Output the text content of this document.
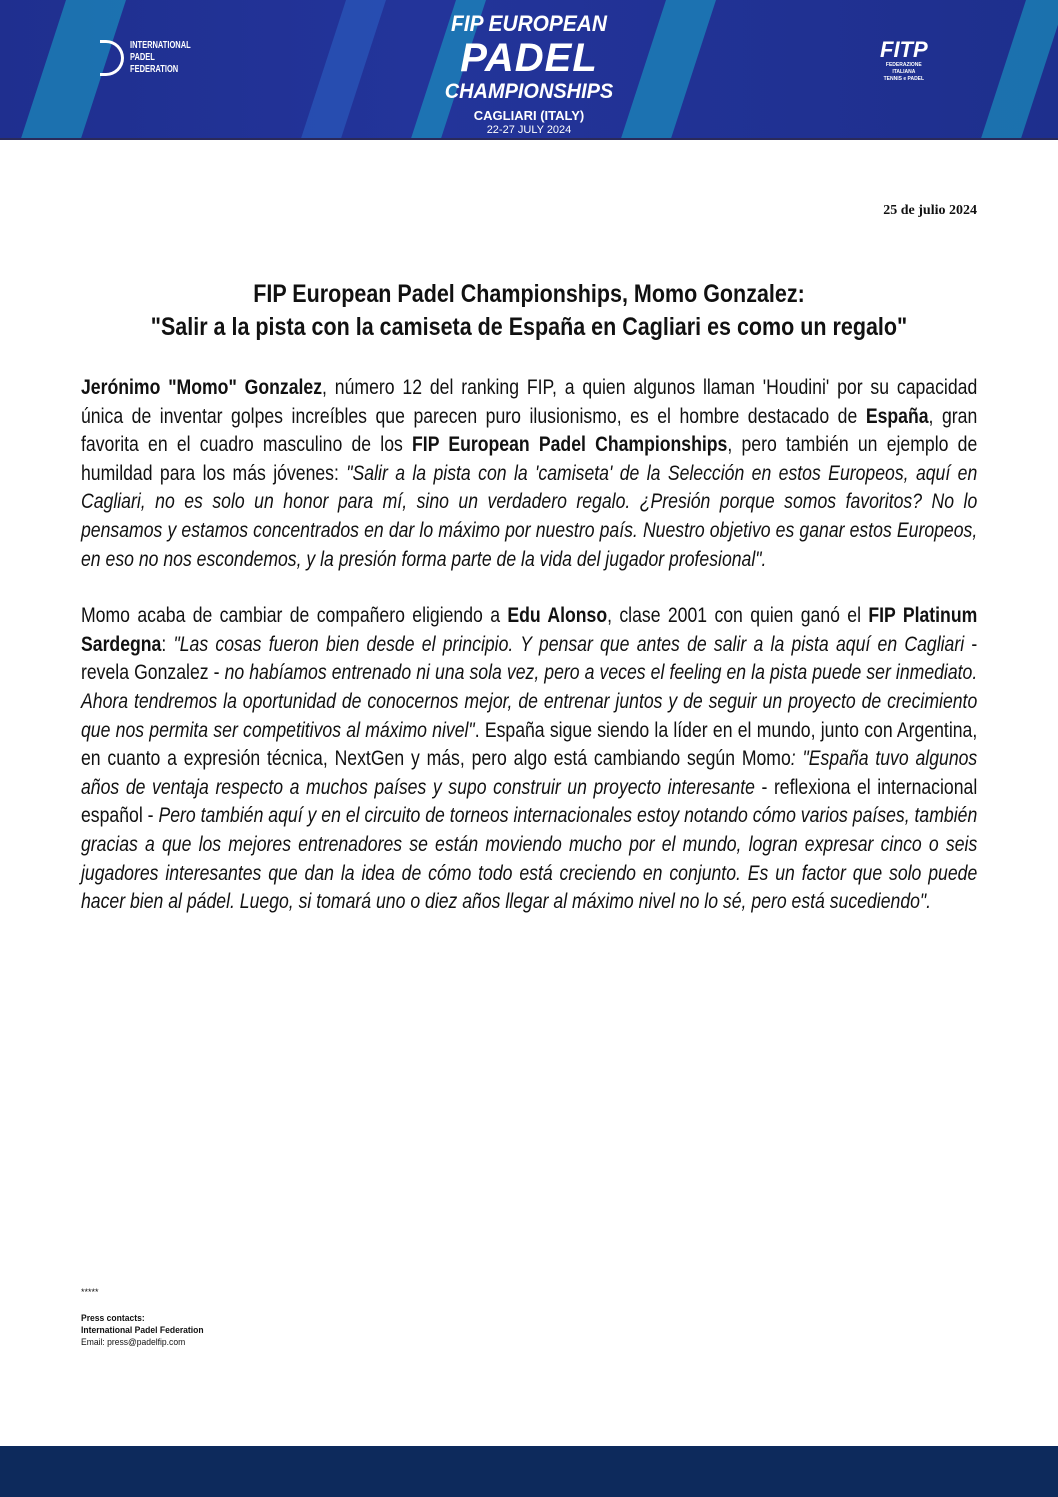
INTERNATIONAL
PADEL
FEDERATION
FIP EUROPEAN
PADEL
CHAMPIONSHIPS
CAGLIARI (ITALY)
22-27 JULY 2024
FITP
FEDERAZIONE
ITALIANA
TENNIS e PADEL
25 de julio 2024
FIP European Padel Championships, Momo Gonzalez:
"Salir a la pista con la camiseta de España en Cagliari es como un regalo"
Jerónimo "Momo" Gonzalez, número 12 del ranking FIP, a quien algunos llaman 'Houdini' por su capacidad única de inventar golpes increíbles que parecen puro ilusionismo, es el hombre destacado de España, gran favorita en el cuadro masculino de los FIP European Padel Championships, pero también un ejemplo de humildad para los más jóvenes: "Salir a la pista con la 'camiseta' de la Selección en estos Europeos, aquí en Cagliari, no es solo un honor para mí, sino un verdadero regalo. ¿Presión porque somos favoritos? No lo pensamos y estamos concentrados en dar lo máximo por nuestro país. Nuestro objetivo es ganar estos Europeos, en eso no nos escondemos, y la presión forma parte de la vida del jugador profesional".
Momo acaba de cambiar de compañero eligiendo a Edu Alonso, clase 2001 con quien ganó el FIP Platinum Sardegna: "Las cosas fueron bien desde el principio. Y pensar que antes de salir a la pista aquí en Cagliari - revela Gonzalez - no habíamos entrenado ni una sola vez, pero a veces el feeling en la pista puede ser inmediato. Ahora tendremos la oportunidad de conocernos mejor, de entrenar juntos y de seguir un proyecto de crecimiento que nos permita ser competitivos al máximo nivel". España sigue siendo la líder en el mundo, junto con Argentina, en cuanto a expresión técnica, NextGen y más, pero algo está cambiando según Momo: "España tuvo algunos años de ventaja respecto a muchos países y supo construir un proyecto interesante - reflexiona el internacional español - Pero también aquí y en el circuito de torneos internacionales estoy notando cómo varios países, también gracias a que los mejores entrenadores se están moviendo mucho por el mundo, logran expresar cinco o seis jugadores interesantes que dan la idea de cómo todo está creciendo en conjunto. Es un factor que solo puede hacer bien al pádel. Luego, si tomará uno o diez años llegar al máximo nivel no lo sé, pero está sucediendo".
*****
Press contacts:
International Padel Federation
Email: press@padelfip.com
